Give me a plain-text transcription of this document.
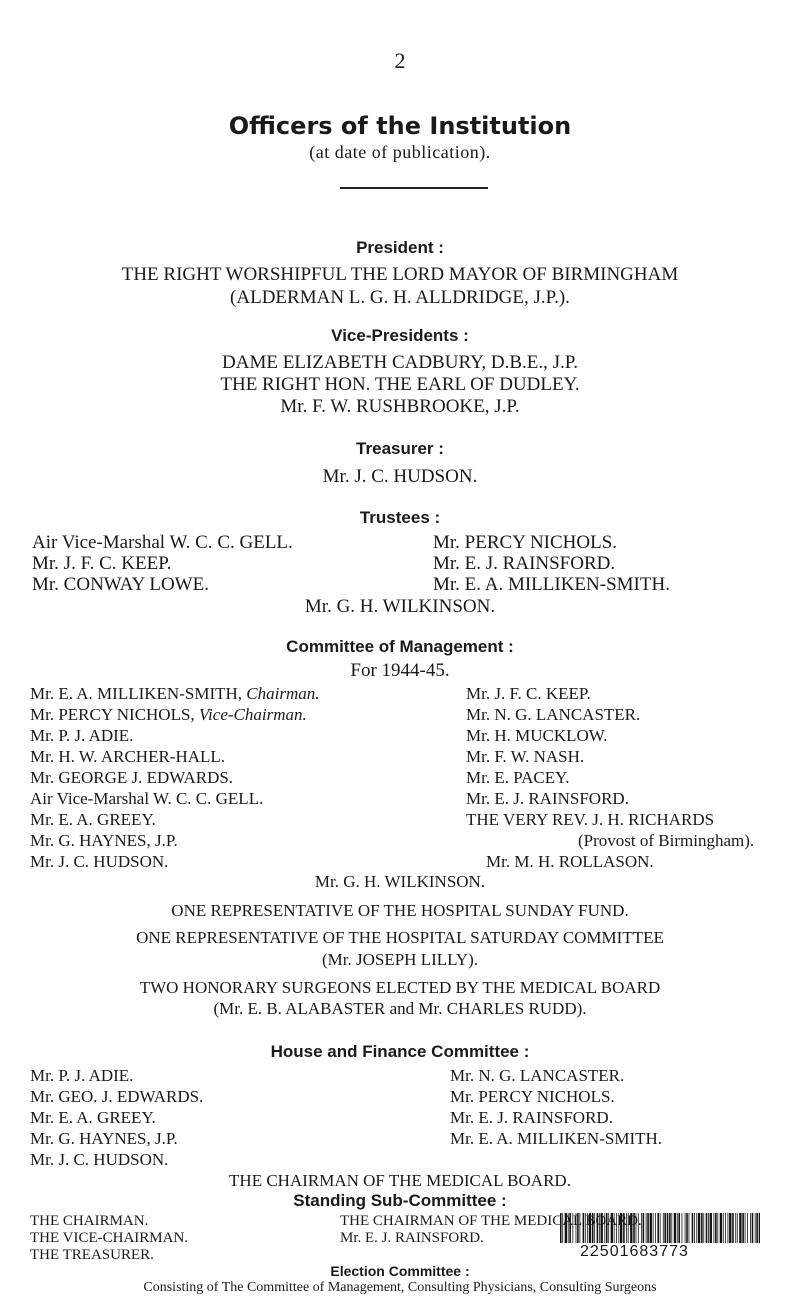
2
Officers of the Institution
(at date of publication).
President :
THE RIGHT WORSHIPFUL THE LORD MAYOR OF BIRMINGHAM
(ALDERMAN L. G. H. ALLDRIDGE, J.P.).
Vice-Presidents :
DAME ELIZABETH CADBURY, D.B.E., J.P.
THE RIGHT HON. THE EARL OF DUDLEY.
Mr. F. W. RUSHBROOKE, J.P.
Treasurer :
Mr. J. C. HUDSON.
Trustees :
Air Vice-Marshal W. C. C. GELL.
Mr. J. F. C. KEEP.
Mr. CONWAY LOWE.
Mr. PERCY NICHOLS.
Mr. E. J. RAINSFORD.
Mr. E. A. MILLIKEN-SMITH.
Mr. G. H. WILKINSON.
Committee of Management :
For 1944-45.
Mr. E. A. MILLIKEN-SMITH, Chairman.
Mr. PERCY NICHOLS, Vice-Chairman.
Mr. P. J. ADIE.
Mr. H. W. ARCHER-HALL.
Mr. GEORGE J. EDWARDS.
Air Vice-Marshal W. C. C. GELL.
Mr. E. A. GREEY.
Mr. G. HAYNES, J.P.
Mr. J. C. HUDSON.
Mr. J. F. C. KEEP.
Mr. N. G. LANCASTER.
Mr. H. MUCKLOW.
Mr. F. W. NASH.
Mr. E. PACEY.
Mr. E. J. RAINSFORD.
THE VERY REV. J. H. RICHARDS
(Provost of Birmingham).
Mr. M. H. ROLLASON.
Mr. G. H. WILKINSON.
ONE REPRESENTATIVE OF THE HOSPITAL SUNDAY FUND.
ONE REPRESENTATIVE OF THE HOSPITAL SATURDAY COMMITTEE
(Mr. JOSEPH LILLY).
TWO HONORARY SURGEONS ELECTED BY THE MEDICAL BOARD
(Mr. E. B. ALABASTER and Mr. CHARLES RUDD).
House and Finance Committee :
Mr. P. J. ADIE.
Mr. GEO. J. EDWARDS.
Mr. E. A. GREEY.
Mr. G. HAYNES, J.P.
Mr. J. C. HUDSON.
Mr. N. G. LANCASTER.
Mr. PERCY NICHOLS.
Mr. E. J. RAINSFORD.
Mr. E. A. MILLIKEN-SMITH.
THE CHAIRMAN OF THE MEDICAL BOARD.
Standing Sub-Committee :
22501683773
THE CHAIRMAN.
THE VICE-CHAIRMAN.
THE TREASURER.
THE CHAIRMAN OF THE MEDICAL BOARD.
Mr. E. J. RAINSFORD.
Election Committee :
Consisting of The Committee of Management, Consulting Physicians, Consulting Surgeons
